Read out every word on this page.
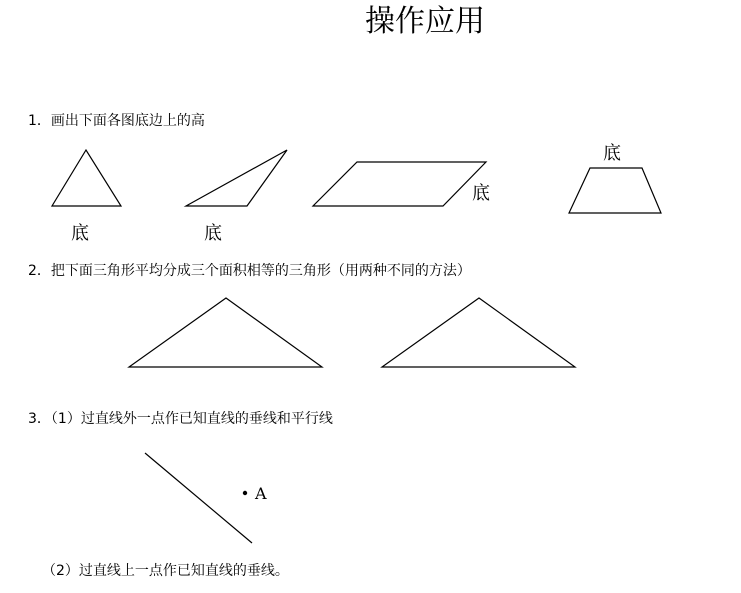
操作应用
1．画出下面各图底边上的高
底	底
底
底
2．把下面三角形平均分成三个面积相等的三角形（用两种不同的方法）
3．（1）过直线外一点作已知直线的垂线和平行线
A
（2）过直线上一点作已知直线的垂线。
